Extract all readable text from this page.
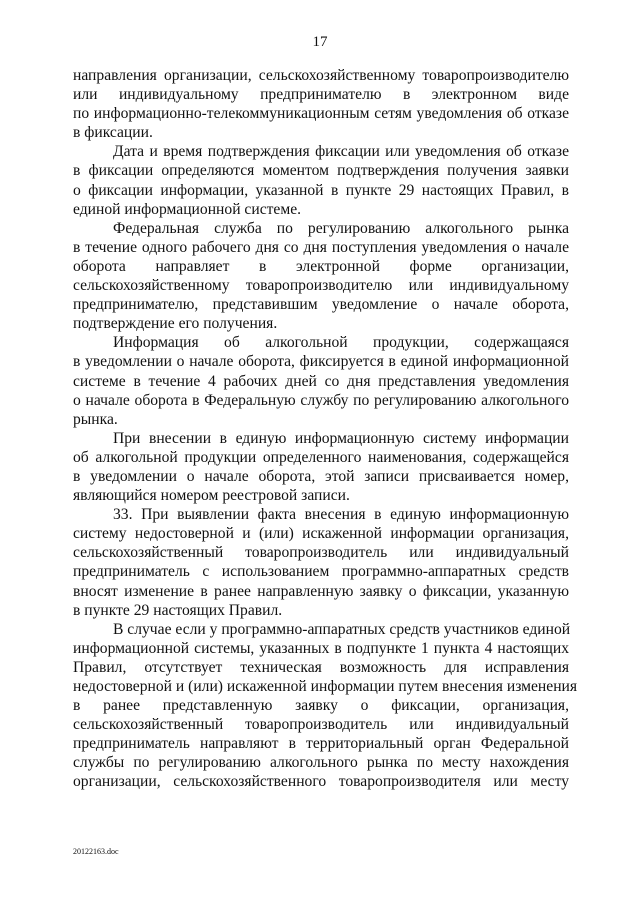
17
направления организации, сельскохозяйственному товаропроизводителю
или индивидуальному предпринимателю в электронном виде
по информационно-телекоммуникационным сетям уведомления об отказе
в фиксации.
Дата и время подтверждения фиксации или уведомления об отказе
в фиксации определяются моментом подтверждения получения заявки
о фиксации информации, указанной в пункте 29 настоящих Правил, в
единой информационной системе.
Федеральная служба по регулированию алкогольного рынка
в течение одного рабочего дня со дня поступления уведомления о начале
оборота направляет в электронной форме организации,
сельскохозяйственному товаропроизводителю или индивидуальному
предпринимателю, представившим уведомление о начале оборота,
подтверждение его получения.
Информация об алкогольной продукции, содержащаяся
в уведомлении о начале оборота, фиксируется в единой информационной
системе в течение 4 рабочих дней со дня представления уведомления
о начале оборота в Федеральную службу по регулированию алкогольного
рынка.
При внесении в единую информационную систему информации
об алкогольной продукции определенного наименования, содержащейся
в уведомлении о начале оборота, этой записи присваивается номер,
являющийся номером реестровой записи.
33. При выявлении факта внесения в единую информационную
систему недостоверной и (или) искаженной информации организация,
сельскохозяйственный товаропроизводитель или индивидуальный
предприниматель с использованием программно-аппаратных средств
вносят изменение в ранее направленную заявку о фиксации, указанную
в пункте 29 настоящих Правил.
В случае если у программно-аппаратных средств участников единой
информационной системы, указанных в подпункте 1 пункта 4 настоящих
Правил, отсутствует техническая возможность для исправления
недостоверной и (или) искаженной информации путем внесения изменения
в ранее представленную заявку о фиксации, организация,
сельскохозяйственный товаропроизводитель или индивидуальный
предприниматель направляют в территориальный орган Федеральной
службы по регулированию алкогольного рынка по месту нахождения
организации, сельскохозяйственного товаропроизводителя или месту
20122163.doc
